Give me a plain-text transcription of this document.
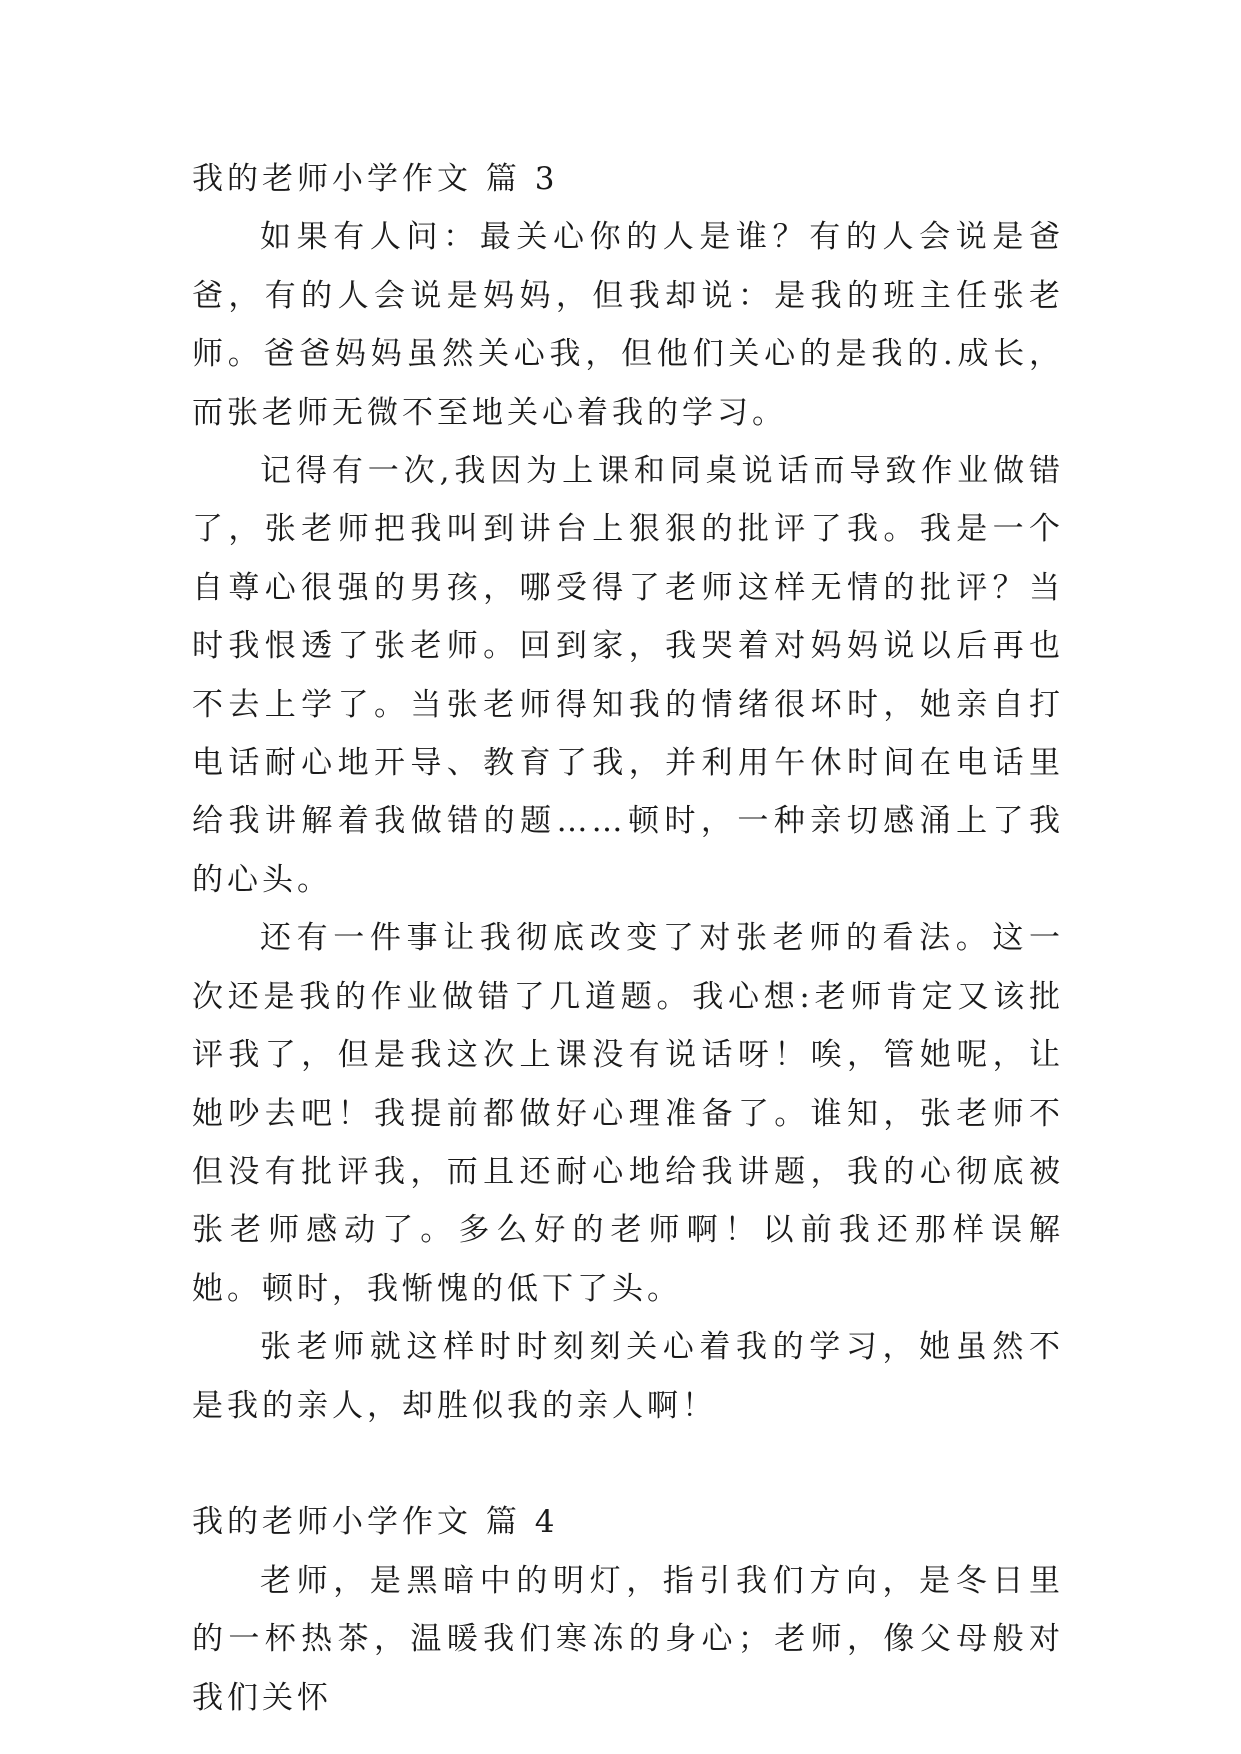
我的老师小学作文 篇 3

如果有人问：最关心你的人是谁？有的人会说是爸爸，有的人会说是妈妈，但我却说：是我的班主任张老师。爸爸妈妈虽然关心我，但他们关心的是我的.成长，而张老师无微不至地关心着我的学习。

记得有一次,我因为上课和同桌说话而导致作业做错了，张老师把我叫到讲台上狠狠的批评了我。我是一个自尊心很强的男孩，哪受得了老师这样无情的批评？当时我恨透了张老师。回到家，我哭着对妈妈说以后再也不去上学了。当张老师得知我的情绪很坏时，她亲自打电话耐心地开导、教育了我，并利用午休时间在电话里给我讲解着我做错的题……顿时，一种亲切感涌上了我的心头。

还有一件事让我彻底改变了对张老师的看法。这一次还是我的作业做错了几道题。我心想:老师肯定又该批评我了，但是我这次上课没有说话呀！唉，管她呢，让她吵去吧！我提前都做好心理准备了。谁知，张老师不但没有批评我，而且还耐心地给我讲题，我的心彻底被张老师感动了。多么好的老师啊！以前我还那样误解她。顿时，我惭愧的低下了头。

张老师就这样时时刻刻关心着我的学习，她虽然不是我的亲人，却胜似我的亲人啊！

我的老师小学作文 篇 4

老师，是黑暗中的明灯，指引我们方向，是冬日里的一杯热茶，温暖我们寒冻的身心；老师，像父母般对我们关怀
